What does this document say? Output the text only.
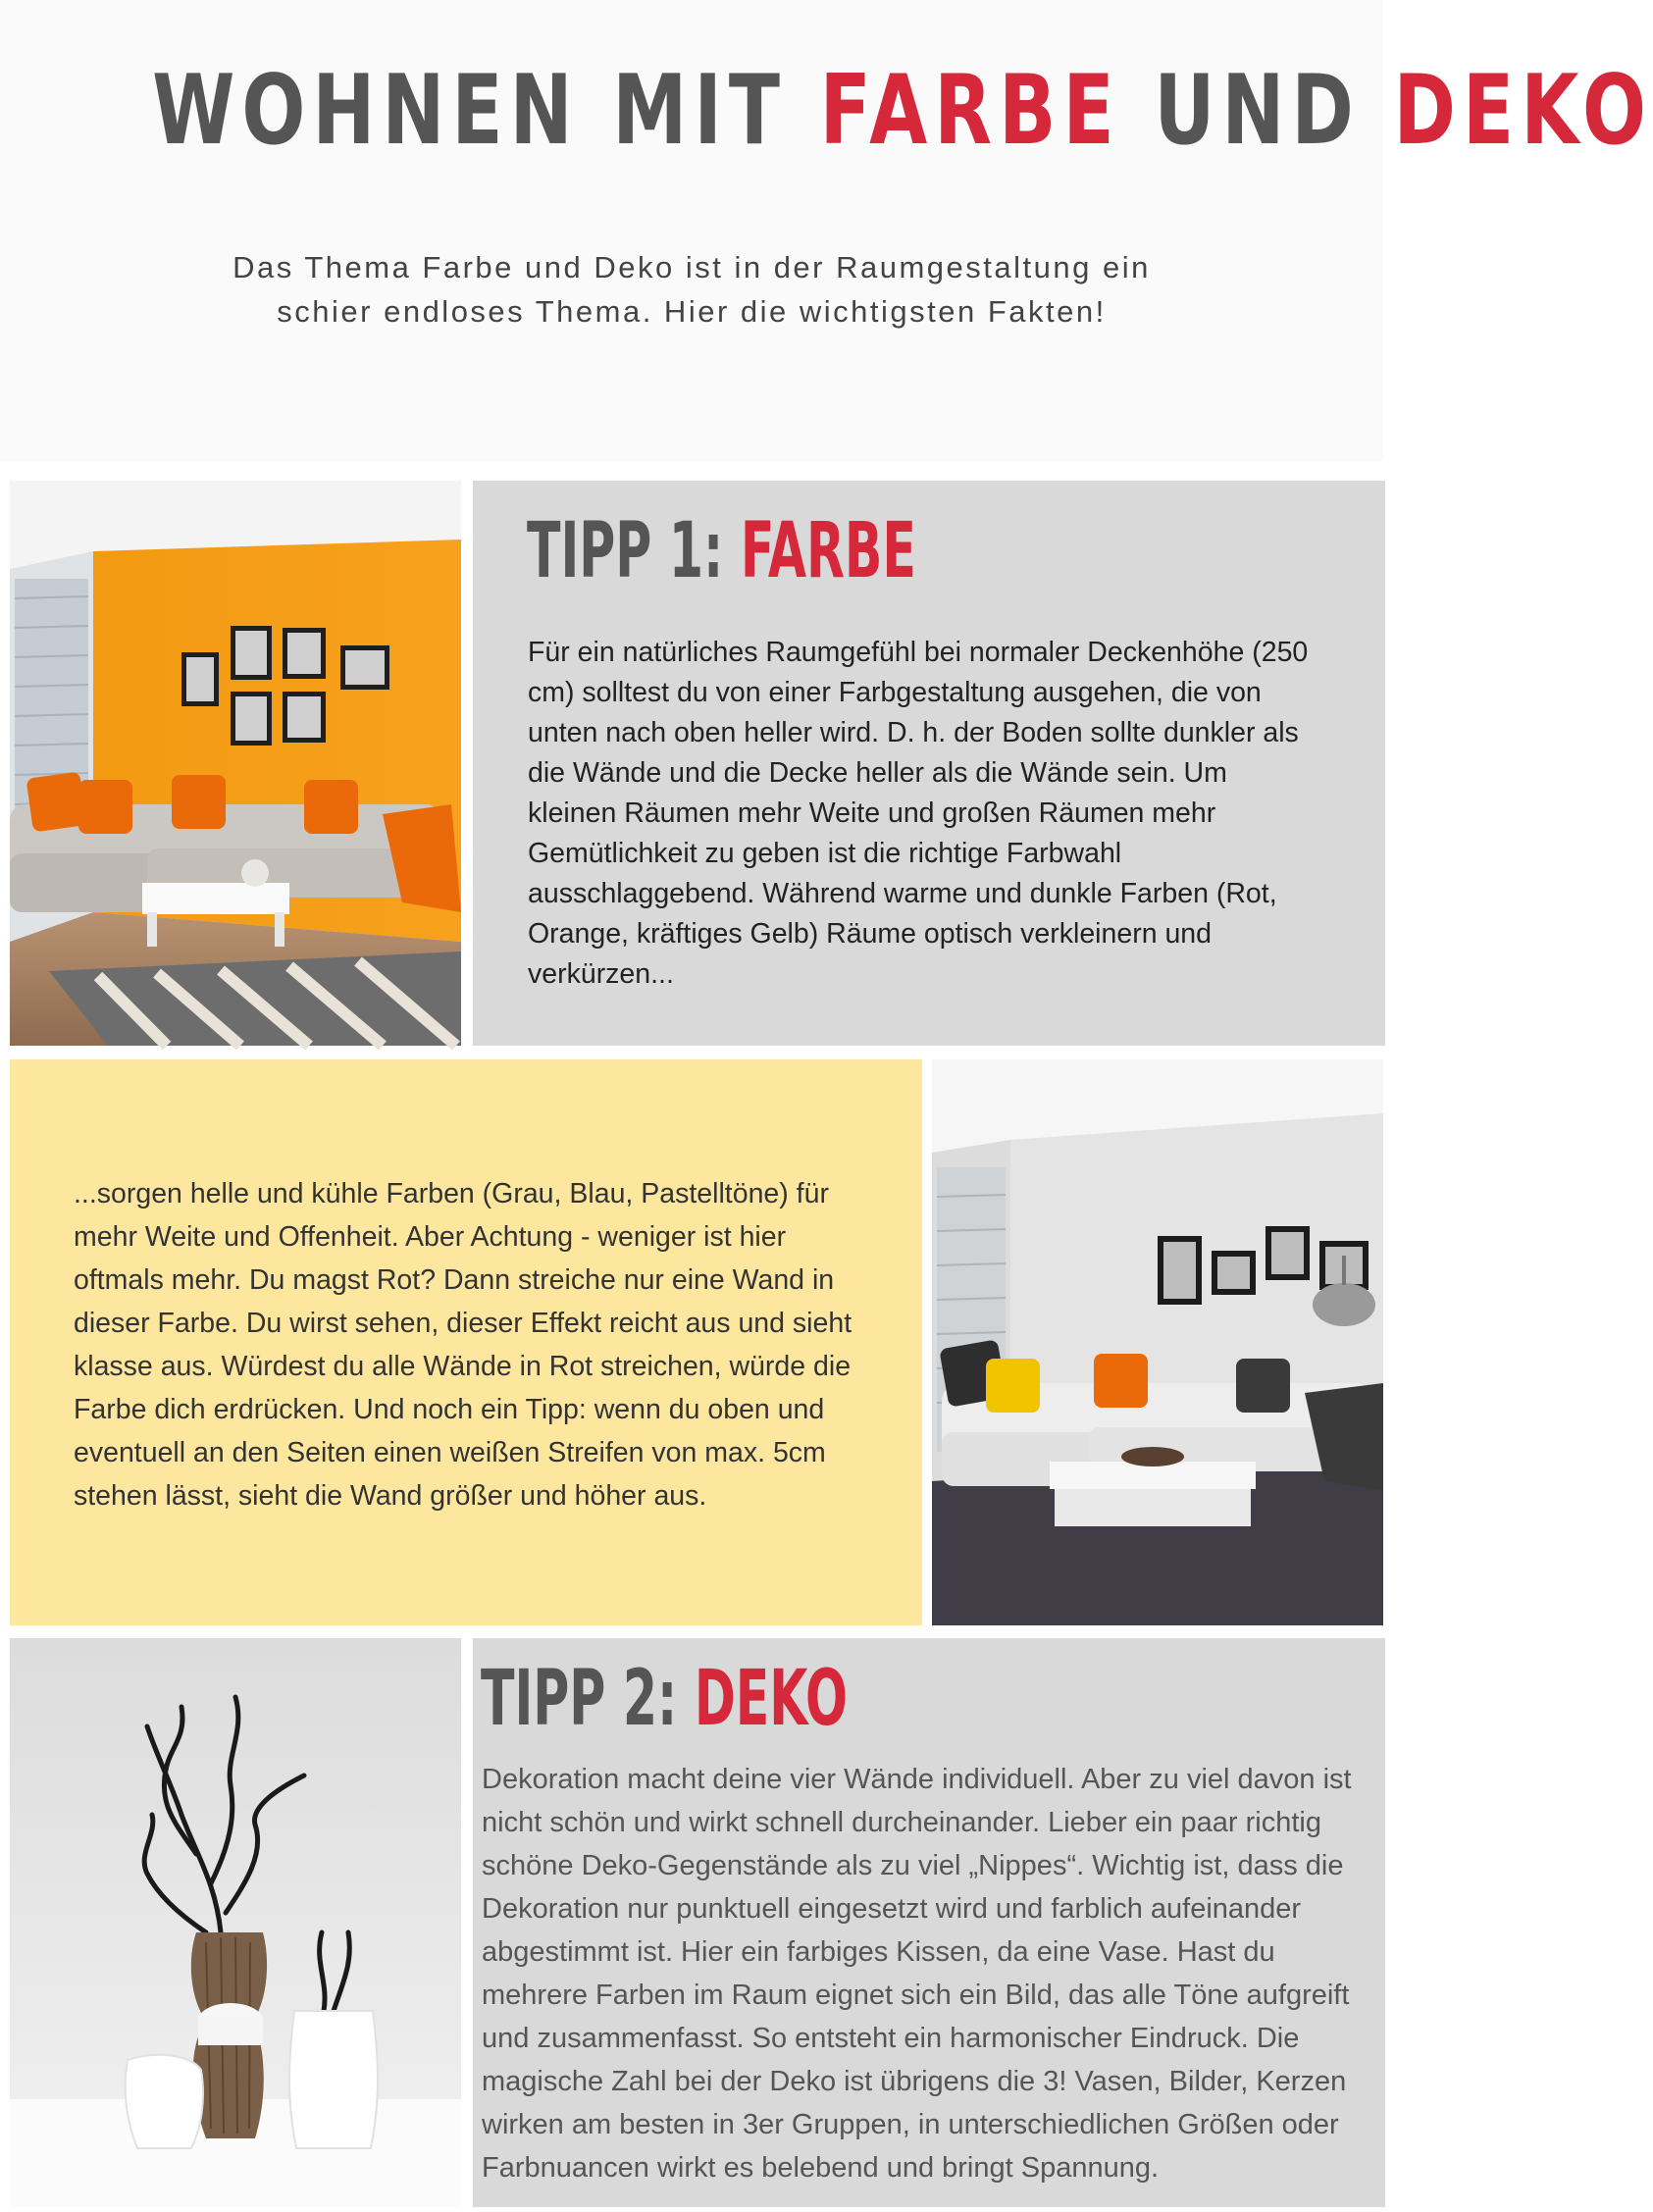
WOHNEN MIT FARBE UND DEKO
Das Thema Farbe und Deko ist in der Raumgestaltung ein schier endloses Thema. Hier die wichtigsten Fakten!
TIPP 1: FARBE
Für ein natürliches Raumgefühl bei normaler Deckenhöhe (250 cm) solltest du von einer Farbgestaltung ausgehen, die von unten nach oben heller wird. D. h. der Boden sollte dunkler als die Wände und die Decke heller als die Wände sein. Um kleinen Räumen mehr Weite und großen Räumen mehr Gemütlichkeit zu geben ist die richtige Farbwahl ausschlaggebend. Während warme und dunkle Farben (Rot, Orange, kräftiges Gelb) Räume optisch verkleinern und verkürzen...
...sorgen helle und kühle Farben (Grau, Blau, Pastelltöne) für mehr Weite und Offenheit. Aber Achtung - weniger ist hier oftmals mehr. Du magst Rot? Dann streiche nur eine Wand in dieser Farbe. Du wirst sehen, dieser Effekt reicht aus und sieht klasse aus. Würdest du alle Wände in Rot streichen, würde die Farbe dich erdrücken. Und noch ein Tipp: wenn du oben und eventuell an den Seiten einen weißen Streifen von max. 5cm stehen lässt, sieht die Wand größer und höher aus.
TIPP 2: DEKO
Dekoration macht deine vier Wände individuell. Aber zu viel davon ist nicht schön und wirkt schnell durcheinander. Lieber ein paar richtig schöne Deko-Gegenstände als zu viel „Nippes“. Wichtig ist, dass die Dekoration nur punktuell eingesetzt wird und farblich aufeinander abgestimmt ist. Hier ein farbiges Kissen, da eine Vase. Hast du mehrere Farben im Raum eignet sich ein Bild, das alle Töne aufgreift und zusammenfasst. So entsteht ein harmonischer Eindruck. Die magische Zahl bei der Deko ist übrigens die 3! Vasen, Bilder, Kerzen wirken am besten in 3er Gruppen, in unterschiedlichen Größen oder Farbnuancen wirkt es belebend und bringt Spannung.
